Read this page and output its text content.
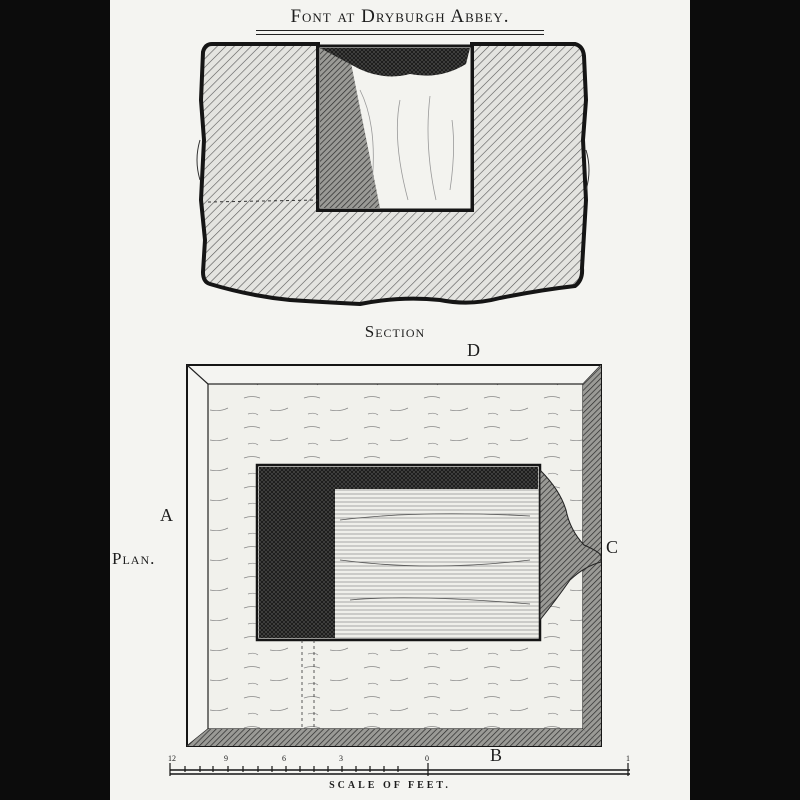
Font at Dryburgh Abbey.
Section
Plan.
D
A
C
B
12	9	6	3	0	1
SCALE OF FEET.
